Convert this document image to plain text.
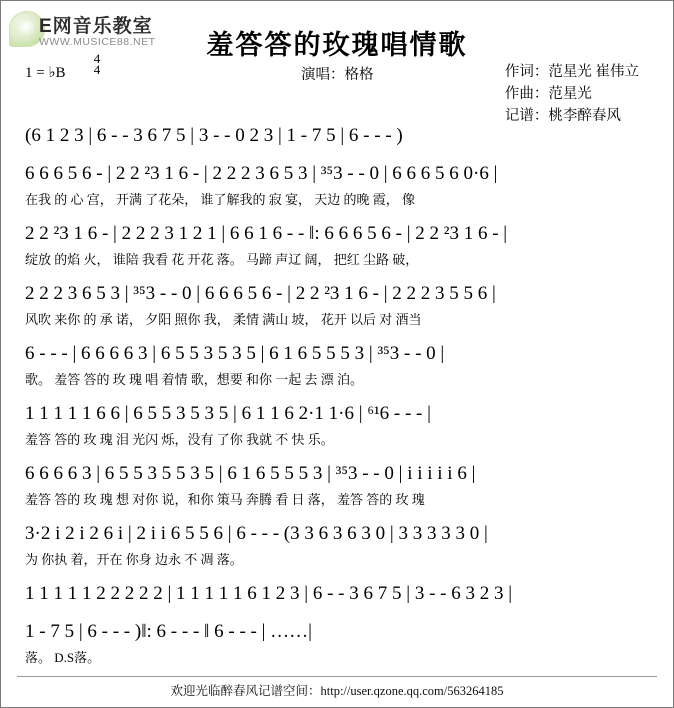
E网音乐教室
WWW.MUSICE88.NET	羞答答的玫瑰唱情歌
1 = ♭B
4
4	演唱：格格	作词：范星光 崔伟立
作曲：范星光
记谱：桃李醉春风
(6 1 2 3 | 6 - - 3 6 7 5 | 3 - - 0 2 3 | 1 - 7 5 | 6 - - - )
6 6 6 5 6 - | 2 2 ²3 1 6 - | 2 2 2 3 6 5 3 | ³⁵3 - - 0 | 6 6 6 5 6 0·6 |
在我 的 心 宫， 开满 了花朵， 谁了解我的 寂 宴， 天边 的晚 霞， 像
2 2 ²3 1 6 - | 2 2 2 3 1 2 1 | 6 6 1 6 - - ‖: 6 6 6 5 6 - | 2 2 ²3 1 6 - |
绽放 的焰 火， 谁陪 我看 花 开花 落。 马蹄 声辽 阔， 把红 尘路 破，
2 2 2 3 6 5 3 | ³⁵3 - - 0 | 6 6 6 5 6 - | 2 2 ²3 1 6 - | 2 2 2 3 5 5 6 |
风吹 来你 的 承 诺， 夕阳 照你 我， 柔情 满山 坡， 花开 以后 对 酒当
6 - - - | 6 6 6 6 3 | 6 5 5 3 5 3 5 | 6 1 6 5 5 5 3 | ³⁵3 - - 0 |
歌。 羞答 答的 玫 瑰 唱 着情 歌，想要 和你 一起 去 漂 泊。
1 1 1 1 1 6 6 | 6 5 5 3 5 3 5 | 6 1 1 6 2·1 1·6 | ⁶¹6 - - - |
羞答 答的 玫 瑰 泪 光闪 烁，没有 了你 我就 不 快 乐。
6 6 6 6 3 | 6 5 5 3 5 5 3 5 | 6 1 6 5 5 5 3 | ³⁵3 - - 0 | i i i i i 6 |
羞答 答的 玫 瑰 想 对你 说，和你 策马 奔腾 看 日 落， 羞答 答的 玫 瑰
3·2 i 2 i 2 6 i | 2 i i 6 5 5 6 | 6 - - - (3 3 6 3 6 3 0 | 3 3 3 3 3 0 |
为 你执 着，开在 你身 边永 不 凋 落。
1 1 1 1 1 2 2 2 2 2 | 1 1 1 1 1 6 1 2 3 | 6 - - 3 6 7 5 | 3 - - 6 3 2 3 |
1 - 7 5 | 6 - - - )‖: 6 - - - ‖ 6 - - - | ……|
落。 D.S落。
欢迎光临醉春风记谱空间：http://user.qzone.qq.com/563264185
